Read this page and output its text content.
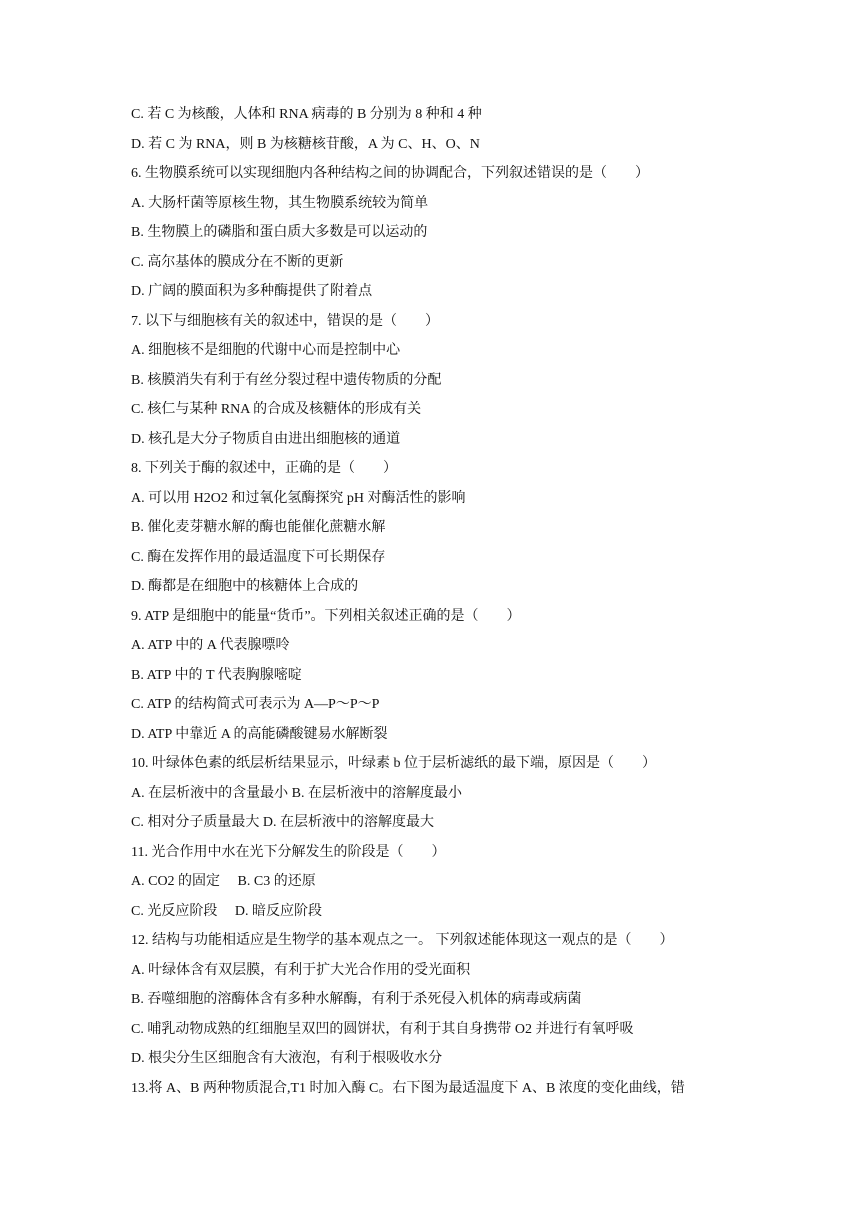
C. 若 C 为核酸，人体和 RNA 病毒的 B 分别为 8 种和 4 种
D. 若 C 为 RNA，则 B 为核糖核苷酸，A 为 C、H、O、N
6. 生物膜系统可以实现细胞内各种结构之间的协调配合，下列叙述错误的是（　　）
A. 大肠杆菌等原核生物，其生物膜系统较为简单
B. 生物膜上的磷脂和蛋白质大多数是可以运动的
C. 高尔基体的膜成分在不断的更新
D. 广阔的膜面积为多种酶提供了附着点
7. 以下与细胞核有关的叙述中，错误的是（　　）
A. 细胞核不是细胞的代谢中心而是控制中心
B. 核膜消失有利于有丝分裂过程中遗传物质的分配
C. 核仁与某种 RNA 的合成及核糖体的形成有关
D. 核孔是大分子物质自由进出细胞核的通道
8. 下列关于酶的叙述中，正确的是（　　）
A. 可以用 H2O2 和过氧化氢酶探究 pH 对酶活性的影响
B. 催化麦芽糖水解的酶也能催化蔗糖水解
C. 酶在发挥作用的最适温度下可长期保存
D. 酶都是在细胞中的核糖体上合成的
9. ATP 是细胞中的能量“货币”。下列相关叙述正确的是（　　）
A. ATP 中的 A 代表腺嘌呤
B. ATP 中的 T 代表胸腺嘧啶
C. ATP 的结构简式可表示为 A—P～P～P
D. ATP 中靠近 A 的高能磷酸键易水解断裂
10. 叶绿体色素的纸层析结果显示，叶绿素 b 位于层析滤纸的最下端，原因是（　　）
A. 在层析液中的含量最小 B. 在层析液中的溶解度最小
C. 相对分子质量最大 D. 在层析液中的溶解度最大
11. 光合作用中水在光下分解发生的阶段是（　　）
A. CO2 的固定　 B. C3 的还原
C. 光反应阶段　 D. 暗反应阶段
12. 结构与功能相适应是生物学的基本观点之一。 下列叙述能体现这一观点的是（　　）
A. 叶绿体含有双层膜，有利于扩大光合作用的受光面积
B. 吞噬细胞的溶酶体含有多种水解酶，有利于杀死侵入机体的病毒或病菌
C. 哺乳动物成熟的红细胞呈双凹的圆饼状，有利于其自身携带 O2 并进行有氧呼吸
D. 根尖分生区细胞含有大液泡，有利于根吸收水分
13.将 A、B 两种物质混合,T1 时加入酶 C。右下图为最适温度下 A、B 浓度的变化曲线，错
